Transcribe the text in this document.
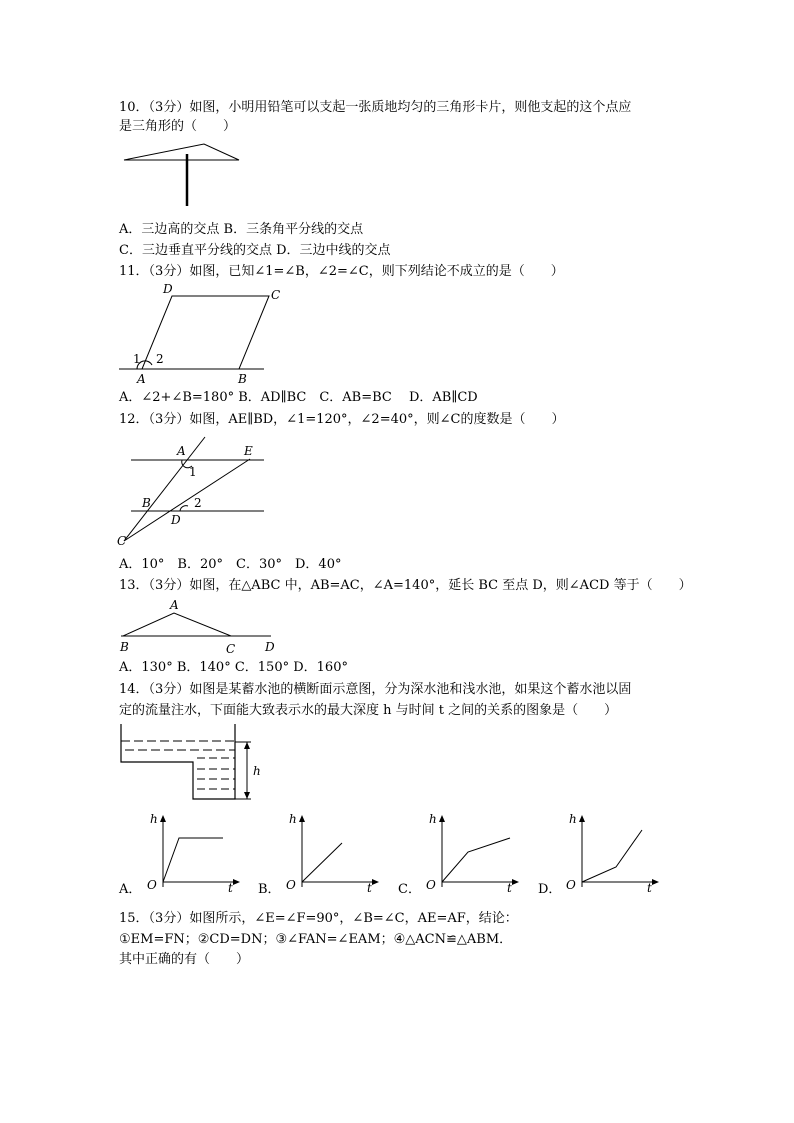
10．（3分）如图，小明用铅笔可以支起一张质地均匀的三角形卡片，则他支起的这个点应
是三角形的（　　）
A．三边高的交点 B．三条角平分线的交点
C．三边垂直平分线的交点 D．三边中线的交点
11．（3分）如图，已知∠1=∠B，∠2=∠C，则下列结论不成立的是（　　）
D	C
A	B
1 2
A．∠2+∠B=180° B．AD∥BC　C．AB=BC　 D．AB∥CD
12．（3分）如图，AE∥BD，∠1=120°，∠2=40°，则∠C的度数是（　　）
A	E
1
B	2
D
C
A．10°　B．20°　C．30°　D．40°
13．（3分）如图，在△ABC 中，AB=AC，∠A=140°，延长 BC 至点 D，则∠ACD 等于（　　）
A
B	C D
A．130° B．140° C．150° D．160°
14．（3分）如图是某蓄水池的横断面示意图，分为深水池和浅水池，如果这个蓄水池以固
定的流量注水，下面能大致表示水的最大深度 h 与时间 t 之间的关系的图象是（　　）
h
A．
h
O	t B．
h
O	t C．
h
O	t D．
h
O	t
15．（3分）如图所示，∠E=∠F=90°，∠B=∠C，AE=AF，结论：
①EM=FN；②CD=DN；③∠FAN=∠EAM；④△ACN≌△ABM．
其中正确的有（　　）
